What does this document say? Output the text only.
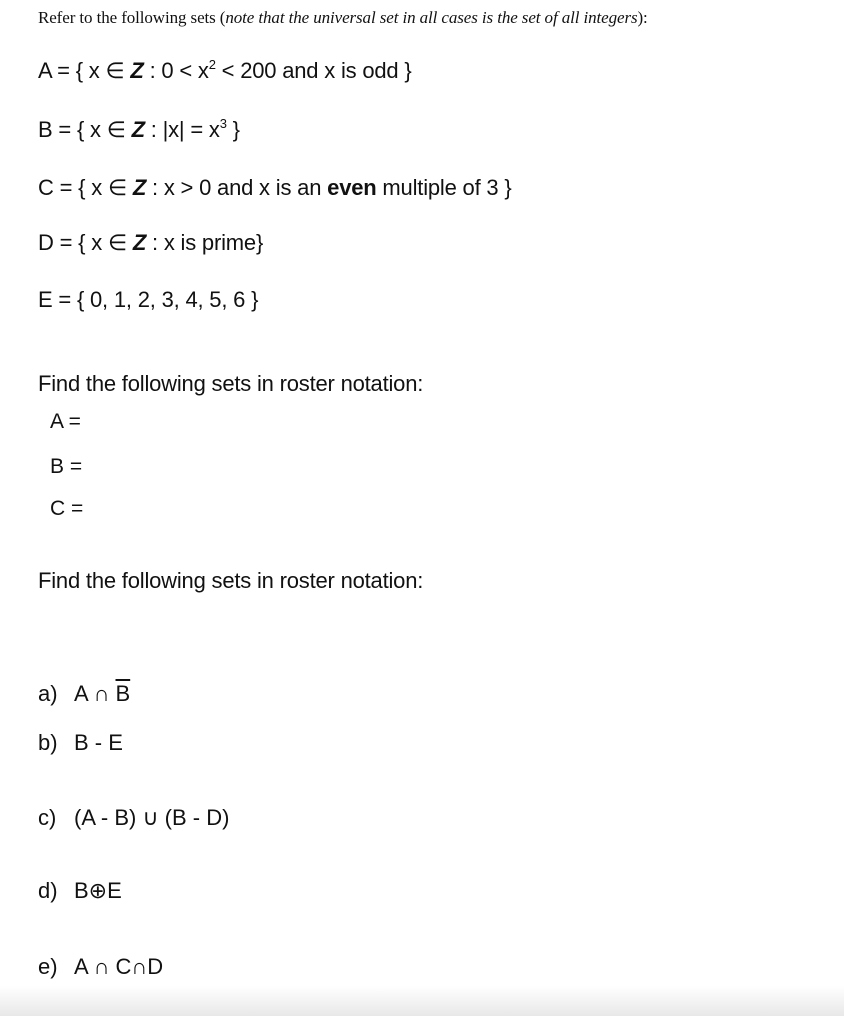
Refer to the following sets (note that the universal set in all cases is the set of all integers):
A = { x ∈ Z : $0 < x^2 < 200$ and x is odd }
B = { x ∈ Z : $|x| = x^3$ }
C = { x ∈ Z : x > 0 and x is an even multiple of 3 }
D = { x ∈ Z : x is prime}
E = { 0, 1, 2, 3, 4, 5, 6 }
Find the following sets in roster notation:
A =
B =
C =
Find the following sets in roster notation:
a) A ∩ $\overline{B}$
b) B - E
c) (A - B) ∪ (B - D)
d) B⊕E
e) A ∩ C∩D
